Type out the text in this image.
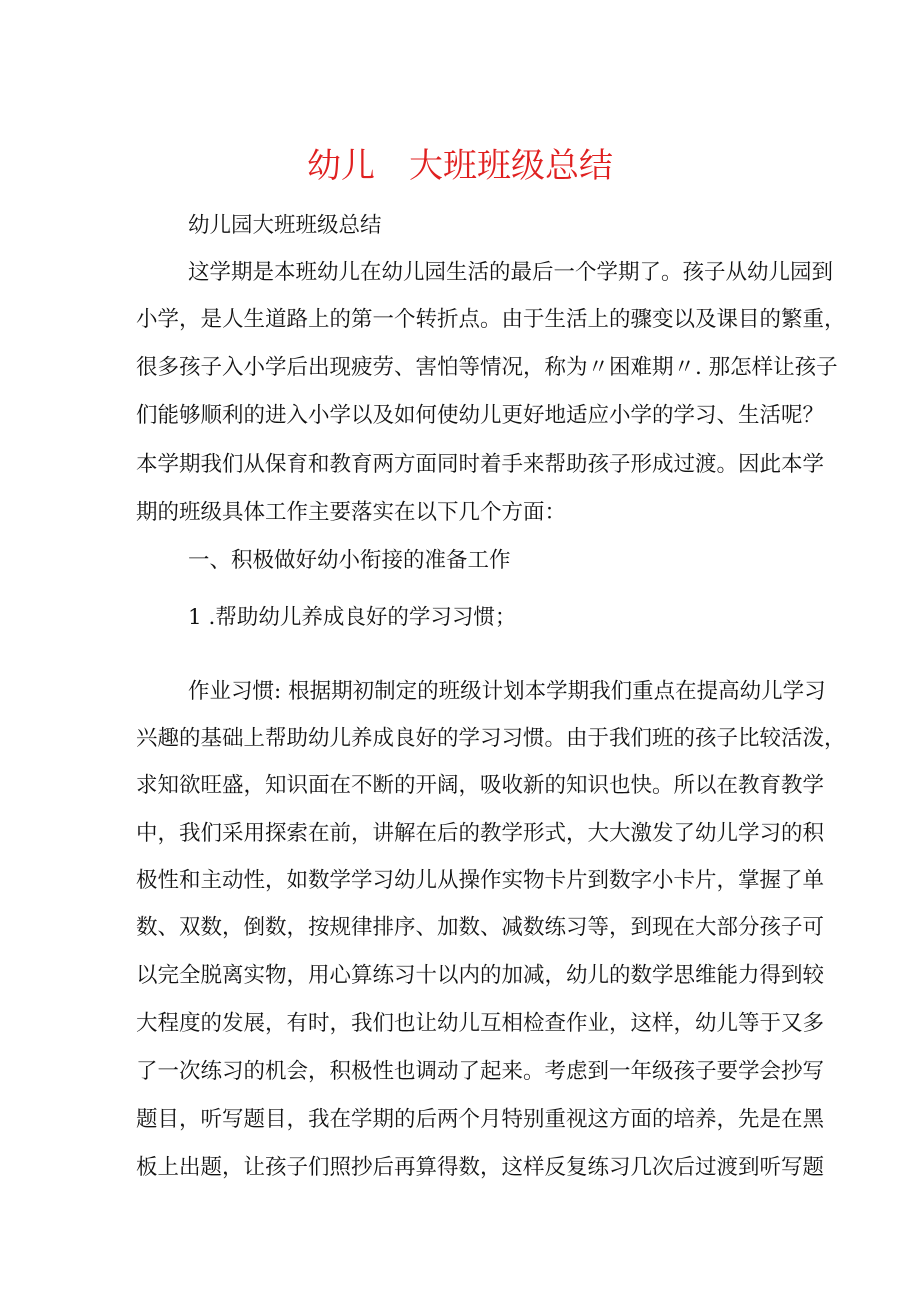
幼儿　大班班级总结

幼儿园大班班级总结

这学期是本班幼儿在幼儿园生活的最后一个学期了。孩子从幼儿园到

小学，是人生道路上的第一个转折点。由于生活上的骤变以及课目的繁重，

很多孩子入小学后出现疲劳、害怕等情况，称为〃困难期〃. 那怎样让孩子

们能够顺利的进入小学以及如何使幼儿更好地适应小学的学习、生活呢？

本学期我们从保育和教育两方面同时着手来帮助孩子形成过渡。因此本学

期的班级具体工作主要落实在以下几个方面：

一、积极做好幼小衔接的准备工作

1 .帮助幼儿养成良好的学习习惯；

作业习惯: 根据期初制定的班级计划本学期我们重点在提高幼儿学习

兴趣的基础上帮助幼儿养成良好的学习习惯。由于我们班的孩子比较活泼，

求知欲旺盛，知识面在不断的开阔，吸收新的知识也快。所以在教育教学

中，我们采用探索在前，讲解在后的教学形式，大大激发了幼儿学习的积

极性和主动性，如数学学习幼儿从操作实物卡片到数字小卡片，掌握了单

数、双数，倒数，按规律排序、加数、减数练习等，到现在大部分孩子可

以完全脱离实物，用心算练习十以内的加减，幼儿的数学思维能力得到较

大程度的发展，有时，我们也让幼儿互相检查作业，这样，幼儿等于又多

了一次练习的机会，积极性也调动了起来。考虑到一年级孩子要学会抄写

题目，听写题目，我在学期的后两个月特别重视这方面的培养，先是在黑

板上出题，让孩子们照抄后再算得数，这样反复练习几次后过渡到听写题
